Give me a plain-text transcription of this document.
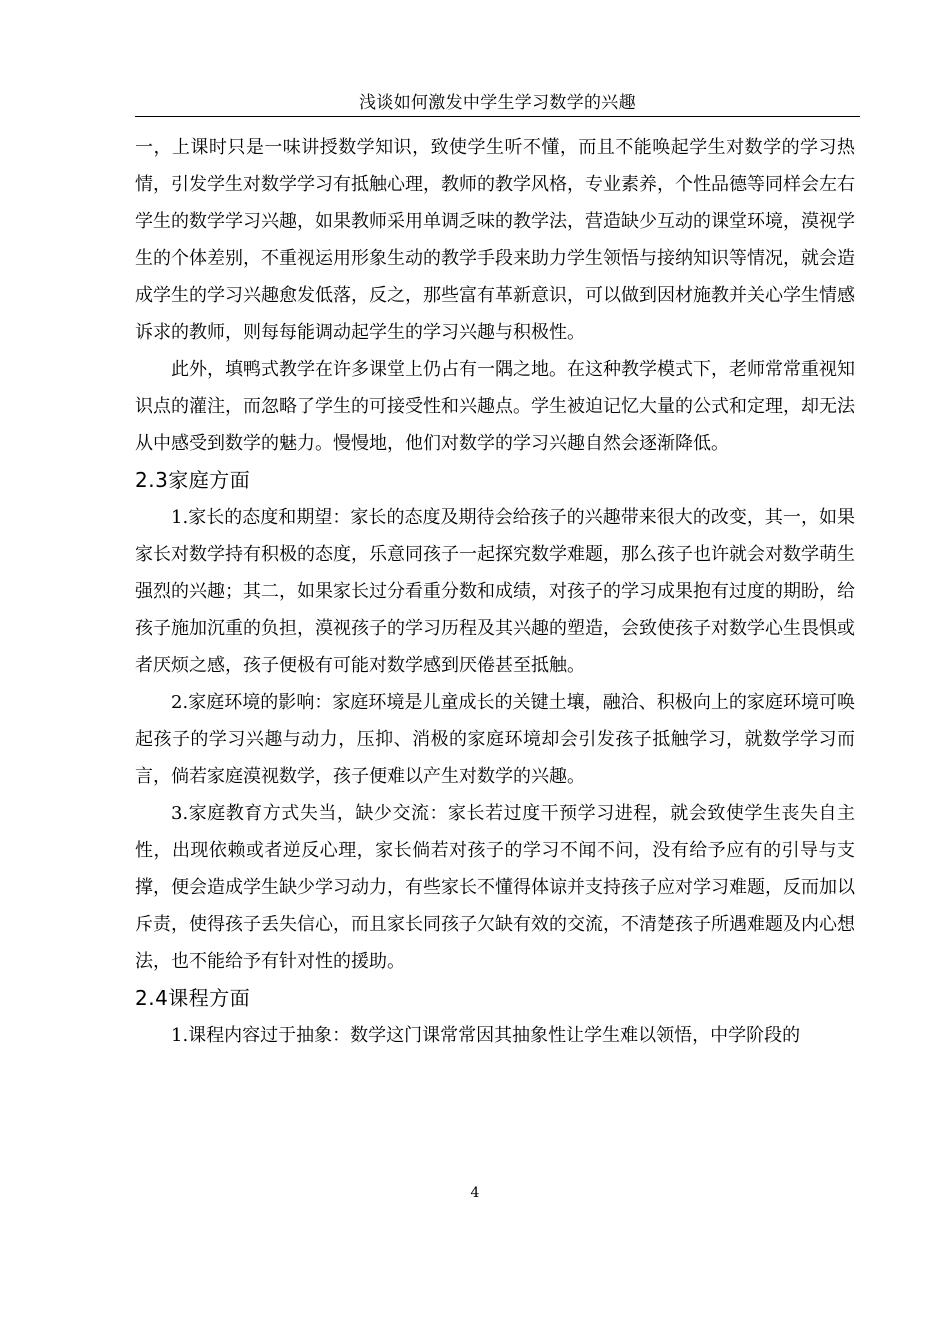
浅谈如何激发中学生学习数学的兴趣

一，上课时只是一味讲授数学知识，致使学生听不懂，而且不能唤起学生对数学的学习热情，引发学生对数学学习有抵触心理，教师的教学风格，专业素养，个性品德等同样会左右学生的数学学习兴趣，如果教师采用单调乏味的教学法，营造缺少互动的课堂环境，漠视学生的个体差别，不重视运用形象生动的教学手段来助力学生领悟与接纳知识等情况，就会造成学生的学习兴趣愈发低落，反之，那些富有革新意识，可以做到因材施教并关心学生情感诉求的教师，则每每能调动起学生的学习兴趣与积极性。

此外，填鸭式教学在许多课堂上仍占有一隅之地。在这种教学模式下，老师常常重视知识点的灌注，而忽略了学生的可接受性和兴趣点。学生被迫记忆大量的公式和定理，却无法从中感受到数学的魅力。慢慢地，他们对数学的学习兴趣自然会逐渐降低。

2.3家庭方面

1.家长的态度和期望：家长的态度及期待会给孩子的兴趣带来很大的改变，其一，如果家长对数学持有积极的态度，乐意同孩子一起探究数学难题，那么孩子也许就会对数学萌生强烈的兴趣；其二，如果家长过分看重分数和成绩，对孩子的学习成果抱有过度的期盼，给孩子施加沉重的负担，漠视孩子的学习历程及其兴趣的塑造，会致使孩子对数学心生畏惧或者厌烦之感，孩子便极有可能对数学感到厌倦甚至抵触。

2.家庭环境的影响：家庭环境是儿童成长的关键土壤，融洽、积极向上的家庭环境可唤起孩子的学习兴趣与动力，压抑、消极的家庭环境却会引发孩子抵触学习，就数学学习而言，倘若家庭漠视数学，孩子便难以产生对数学的兴趣。

3.家庭教育方式失当，缺少交流：家长若过度干预学习进程，就会致使学生丧失自主性，出现依赖或者逆反心理，家长倘若对孩子的学习不闻不问，没有给予应有的引导与支撑，便会造成学生缺少学习动力，有些家长不懂得体谅并支持孩子应对学习难题，反而加以斥责，使得孩子丢失信心，而且家长同孩子欠缺有效的交流，不清楚孩子所遇难题及内心想法，也不能给予有针对性的援助。

2.4课程方面

1.课程内容过于抽象：数学这门课常常因其抽象性让学生难以领悟，中学阶段的

4
